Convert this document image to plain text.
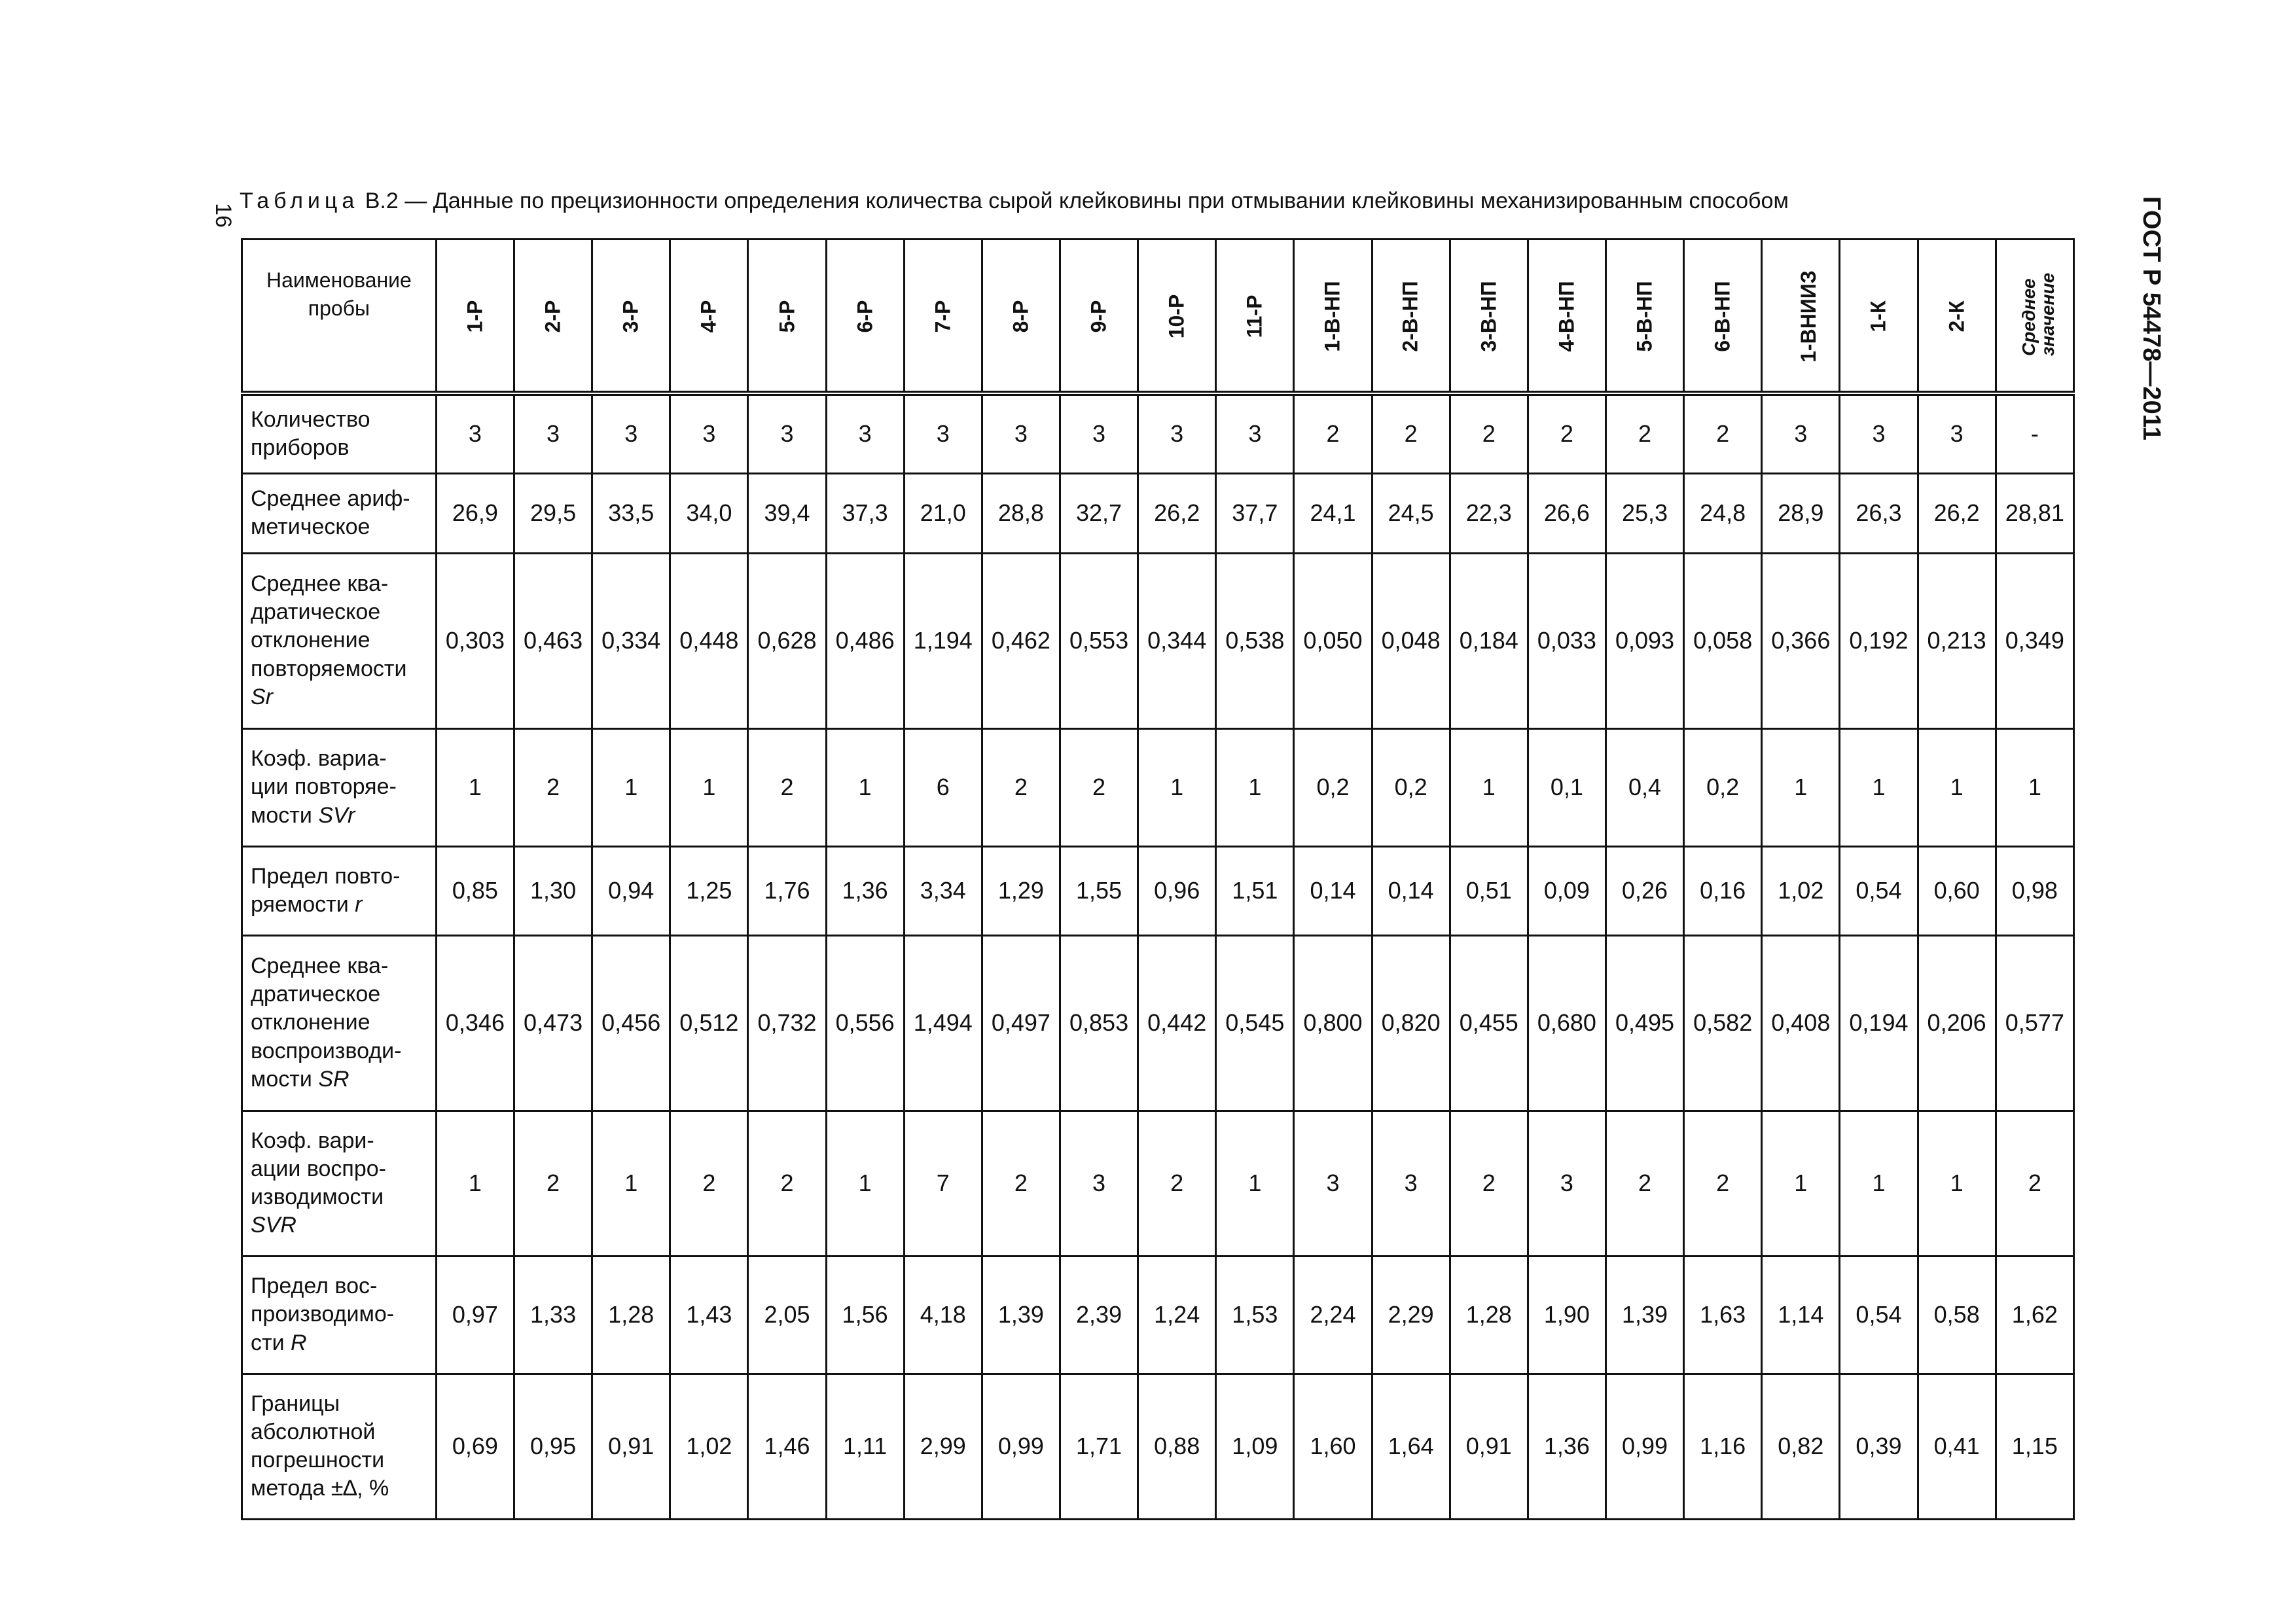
16	ГОСТ Р 54478—2011
Таблица В.2 — Данные по прецизионности определения количества сырой клейковины при отмывании клейковины механизированным способом
Наименование пробы	1-Р	2-Р	3-Р	4-Р	5-Р	6-Р	7-Р	8-Р	9-Р	10-Р	11-Р	1-В-НП	2-В-НП	3-В-НП	4-В-НП	5-В-НП	6-В-НП	1-ВНИИЗ	1-К	2-К	Среднее
значение

Количество
приборов	3	3	3	3	3	3	3	3	3	3	3	2	2	2	2	2	2	3	3	3	-

Среднее ариф-
метическое	26,9	29,5	33,5	34,0	39,4	37,3	21,0	28,8	32,7	26,2	37,7	24,1	24,5	22,3	26,6	25,3	24,8	28,9	26,3	26,2	28,81

Среднее ква-
дратическое
отклонение
повторяемости
Sr	0,303	0,463	0,334	0,448	0,628	0,486	1,194	0,462	0,553	0,344	0,538	0,050	0,048	0,184	0,033	0,093	0,058	0,366	0,192	0,213	0,349

Коэф. вариа-
ции повторяе-
мости SVr	1	2	1	1	2	1	6	2	2	1	1	0,2	0,2	1	0,1	0,4	0,2	1	1	1	1

Предел повто-
ряемости r	0,85	1,30	0,94	1,25	1,76	1,36	3,34	1,29	1,55	0,96	1,51	0,14	0,14	0,51	0,09	0,26	0,16	1,02	0,54	0,60	0,98

Среднее ква-
дратическое
отклонение
воспроизводи-
мости SR	0,346	0,473	0,456	0,512	0,732	0,556	1,494	0,497	0,853	0,442	0,545	0,800	0,820	0,455	0,680	0,495	0,582	0,408	0,194	0,206	0,577

Коэф. вари-
ации воспро-
изводимости
SVR	1	2	1	2	2	1	7	2	3	2	1	3	3	2	3	2	2	1	1	1	2

Предел вос-
производимо-
сти R	0,97	1,33	1,28	1,43	2,05	1,56	4,18	1,39	2,39	1,24	1,53	2,24	2,29	1,28	1,90	1,39	1,63	1,14	0,54	0,58	1,62

Границы
абсолютной
погрешности
метода ±∆, %	0,69	0,95	0,91	1,02	1,46	1,11	2,99	0,99	1,71	0,88	1,09	1,60	1,64	0,91	1,36	0,99	1,16	0,82	0,39	0,41	1,15
